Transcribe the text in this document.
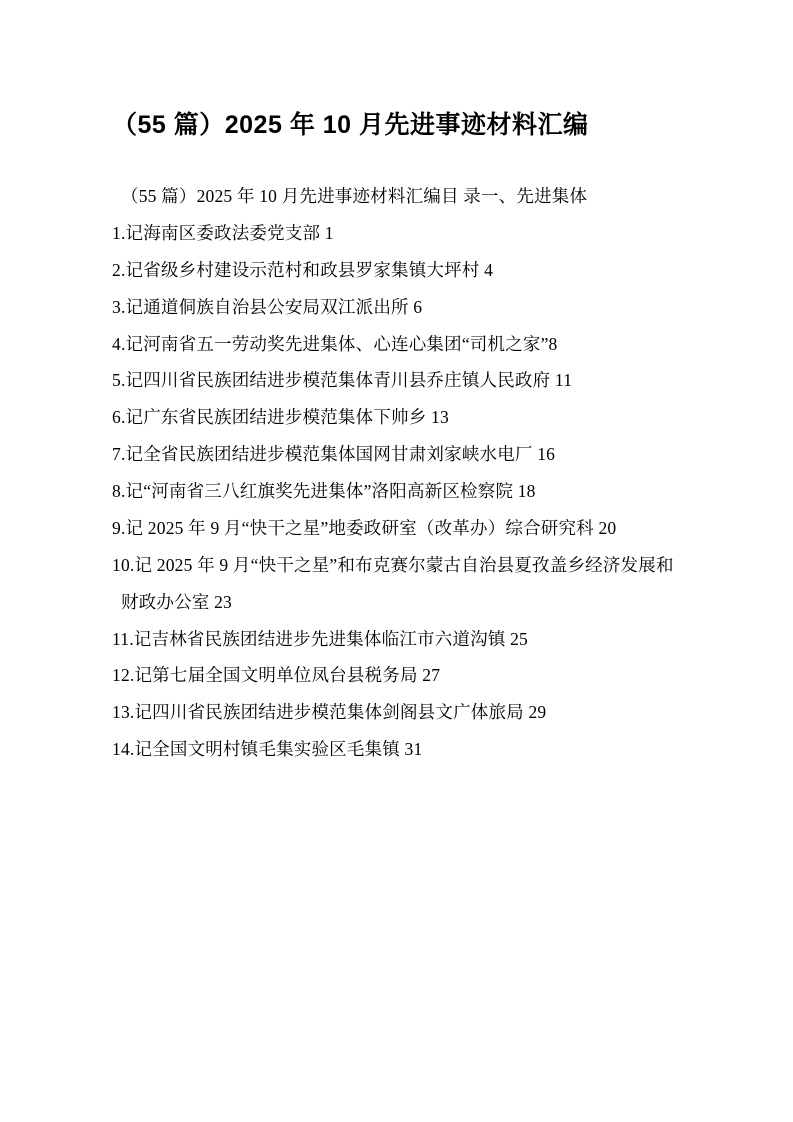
（55 篇）2025 年 10 月先进事迹材料汇编

（55 篇）2025 年 10 月先进事迹材料汇编目 录一、先进集体

1.记海南区委政法委党支部 1

2.记省级乡村建设示范村和政县罗家集镇大坪村 4

3.记通道侗族自治县公安局双江派出所 6

4.记河南省五一劳动奖先进集体、心连心集团“司机之家”8

5.记四川省民族团结进步模范集体青川县乔庄镇人民政府 11

6.记广东省民族团结进步模范集体下帅乡 13

7.记全省民族团结进步模范集体国网甘肃刘家峡水电厂 16

8.记“河南省三八红旗奖先进集体”洛阳高新区检察院 18

9.记 2025 年 9 月“快干之星”地委政研室（改革办）综合研究科 20

10.记 2025 年 9 月“快干之星”和布克赛尔蒙古自治县夏孜盖乡经济发展和

财政办公室 23

11.记吉林省民族团结进步先进集体临江市六道沟镇 25

12.记第七届全国文明单位凤台县税务局 27

13.记四川省民族团结进步模范集体剑阁县文广体旅局 29

14.记全国文明村镇毛集实验区毛集镇 31
